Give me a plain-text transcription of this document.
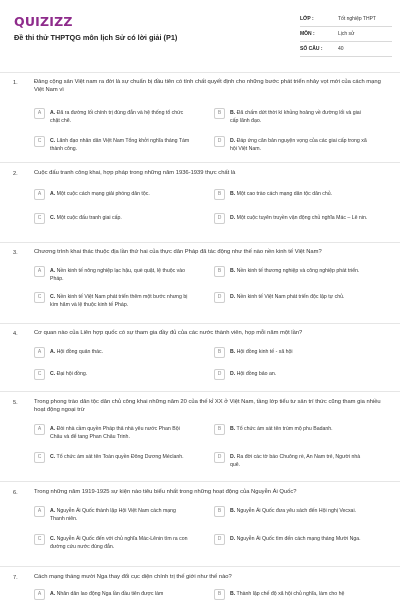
QUIZIZZ
Đề thi thử THPTQG môn lịch Sử có lời giải (P1)
LỚP :	Tốt nghiệp THPT
MÔN :	Lịch sử
SỐ CÂU :	40
1.	Đảng cộng sản Việt nam ra đời là sự chuẩn bị đầu tiên có tính chất quyết định cho những bước phát triển nhảy vọt mới của cách mạng Việt Nam vì
A	A. Đã ra đường lối chính trị đúng đắn và hệ thống tổ chức chặt chẽ.
B	B. Đã chấm dứt thời kì khủng hoảng về đường lối và giai cấp lãnh đạo.
C	C. Lãnh đạo nhân dân Việt Nam Tổng khởi nghĩa tháng Tám thành công.
D	D. Đáp ứng căn bản nguyện vọng của các giai cấp trong xã hội Việt Nam.
2.	Cuộc đấu tranh công khai, hợp pháp trong những năm 1936-1939 thực chất là
A	A. Một cuộc cách mạng giải phóng dân tộc.	B	B. Một cao trào cách mạng dân tộc dân chủ.
C	C. Một cuộc đấu tranh giai cấp.	D	D. Một cuộc tuyên truyền vận động chủ nghĩa Mác – Lê nin.
3.	Chương trình khai thác thuộc địa lần thứ hai của thực dân Pháp đã tác động như thế nào nền kinh tế Việt Nam?
A	A. Nền kinh tế nông nghiệp lạc hậu, què quặt, lệ thuộc vào Pháp.
B	B. Nền kinh tế thương nghiệp và công nghiệp phát triển.
C	C. Nền kinh tế Việt Nam phát triển thêm một bước nhưng bị kìm hãm và lệ thuộc kinh tế Pháp.
D	D. Nền kinh tế Việt Nam phát triển độc lập tự chủ.
4.	Cơ quan nào của Liên hợp quốc có sự tham gia đầy đủ của các nước thành viên, họp mỗi năm một lần?
A	A. Hội đồng quản thác.	B	B. Hội đồng kinh tế - xã hội
C	C. Đại hội đồng.	D	D. Hội đồng bảo an.
5.	Trong phong trào dân tộc dân chủ công khai những năm 20 của thế kỉ XX ở Việt Nam, tầng lớp tiểu tư sản trí thức cũng tham gia nhiều hoạt động ngoại trừ
A	A. Đòi nhà cầm quyền Pháp thả nhà yêu nước Phan Bội Châu và để tang Phan Châu Trinh.
B	B. Tổ chức ám sát tên trùm mộ phu Badanh.
C	C. Tổ chức ám sát tên Toàn quyền Đông Dương Méclanh.	D	D. Ra đời các tờ báo Chuông rè, An Nam trẻ, Người nhà quê.
6.	Trong những năm 1919-1925 sự kiện nào tiêu biểu nhất trong những hoạt động của Nguyễn Ái Quốc?
A	A. Nguyễn Ái Quốc thành lập Hội Việt Nam cách mạng Thanh niên.
B	B. Nguyễn Ái Quốc đưa yêu sách đến Hội nghị Vecxai.
C	C. Nguyễn Ái Quốc đến với chủ nghĩa Mác-Lênin tìm ra con đường cứu nước đúng đắn.
D	D. Nguyễn Ái Quốc tìm đến cách mạng tháng Mười Nga.
7.	Cách mạng tháng mười Nga thay đổi cục diện chính trị thế giới như thế nào?
A	A. Nhân dân lao động Nga lần đầu tiên được làm	B	B. Thành lập chế độ xã hội chủ nghĩa, làm cho hệ
